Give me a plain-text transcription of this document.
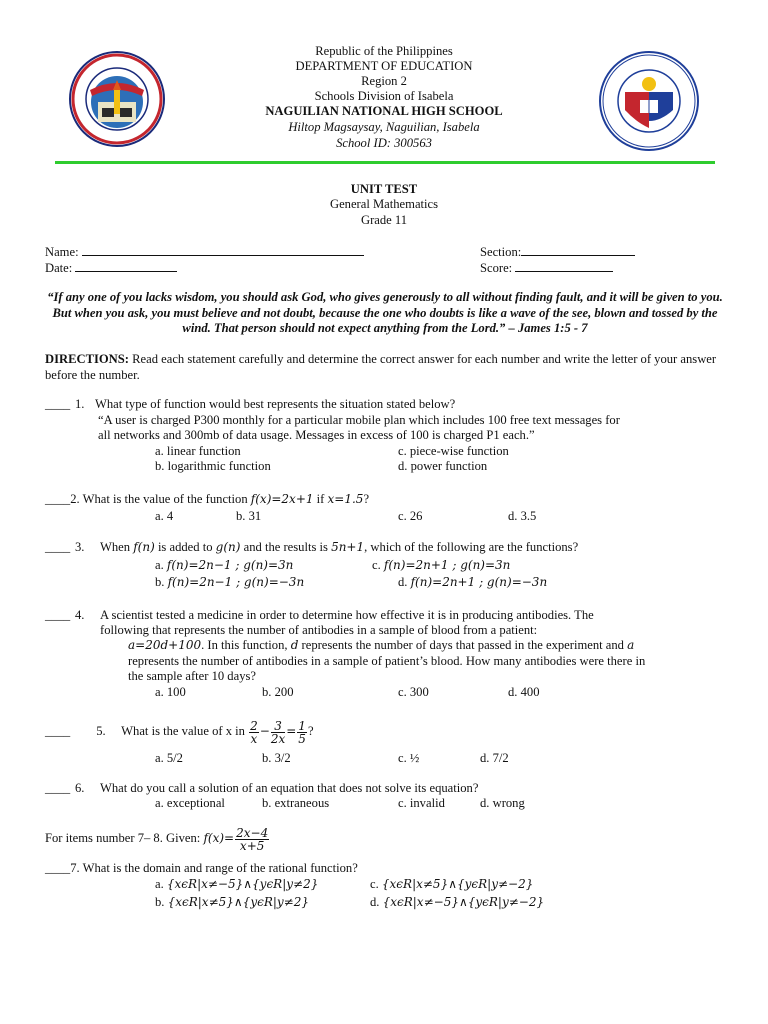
Republic of the Philippines
DEPARTMENT OF EDUCATION
Region 2
Schools Division of Isabela
NAGUILIAN NATIONAL HIGH SCHOOL
Hiltop Magsaysay, Naguilian, Isabela
School ID: 300563
UNIT TEST
General Mathematics
Grade 11
Name:
Date:
Section:
Score:
“If any one of you lacks wisdom, you should ask God, who gives generously to all without finding fault, and it will be given to you. But when you ask, you must believe and not doubt, because the one who doubts is like a wave of the see, blown and tossed by the wind. That person should not expect anything from the Lord.” – James 1:5 - 7
DIRECTIONS: Read each statement carefully and determine the correct answer for each number and write the letter of your answer before the number.
____ 1. What type of function would best represents the situation stated below?
“A user is charged P300 monthly for a particular mobile plan which includes 100 free text messages for
all networks and 300mb of data usage. Messages in excess of 100 is charged P1 each.”
a. linear function	c. piece-wise function
b. logarithmic function	d. power function
____2. What is the value of the function f(x)=2x+1 if x=1.5?
a. 4	b. 31	c. 26	d. 3.5
____ 3. When f(n) is added to g(n) and the results is 5n+1, which of the following are the functions?
a. f(n)=2n−1 ; g(n)=3n	c. f(n)=2n+1 ; g(n)=3n
b. f(n)=2n−1 ; g(n)=−3n	d. f(n)=2n+1 ; g(n)=−3n
____ 4. A scientist tested a medicine in order to determine how effective it is in producing antibodies. The
following that represents the number of antibodies in a sample of blood from a patient:
a=20d+100. In this function, d represents the number of days that passed in the experiment and a
represents the number of antibodies in a sample of patient’s blood. How many antibodies were there in
the sample after 10 days?
a. 100	b. 200	c. 300	d. 400
____ 5. What is the value of x in $\frac{2}{x} - \frac{3}{2x} = \frac{1}{5}$ ?
a. 5/2	b. 3/2	c. ½	d. 7/2
____ 6. What do you call a solution of an equation that does not solve its equation?
a. exceptional	b. extraneous	c. invalid	d. wrong
For items number 7– 8. Given: $f(x)= \frac{2x-4}{x+5}$
____7. What is the domain and range of the rational function?
a. {xϵR|x≠−5}∧{yϵR|y≠2}	c. {xϵR|x≠5}∧{yϵR|y≠−2}
b. {xϵR|x≠5}∧{yϵR|y≠2}	d. {xϵR|x≠−5}∧{yϵR|y≠−2}
